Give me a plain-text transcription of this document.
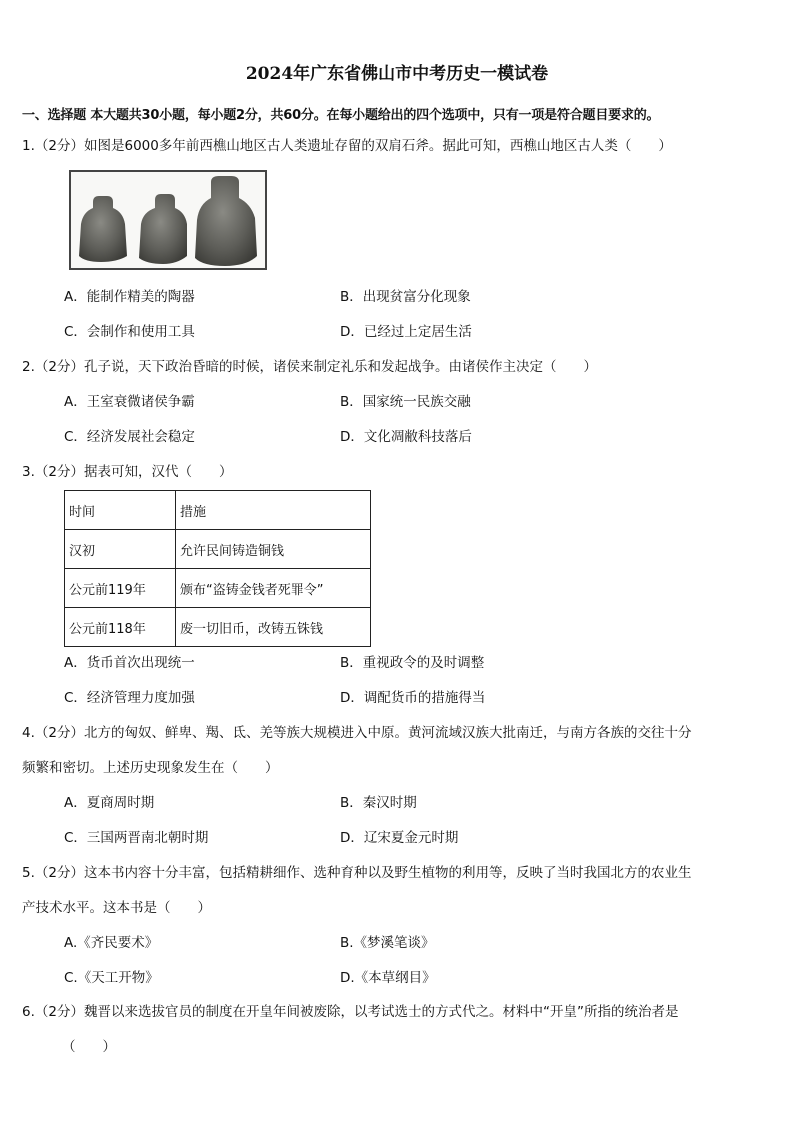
2024年广东省佛山市中考历史一模试卷
一、选择题 本大题共30小题，每小题2分，共60分。在每小题给出的四个选项中，只有一项是符合题目要求的。
1.（2分）如图是6000多年前西樵山地区古人类遗址存留的双肩石斧。据此可知，西樵山地区古人类（　　）
A．能制作精美的陶器	B．出现贫富分化现象
C．会制作和使用工具	D．已经过上定居生活
2.（2分）孔子说，天下政治昏暗的时候，诸侯来制定礼乐和发起战争。由诸侯作主决定（　　）
A．王室衰微诸侯争霸	B．国家统一民族交融
C．经济发展社会稳定	D．文化凋敝科技落后
3.（2分）据表可知，汉代（　　）
时间	措施
汉初	允许民间铸造铜钱
公元前119年	颁布“盗铸金钱者死罪令”
公元前118年	废一切旧币，改铸五铢钱
A．货币首次出现统一	B．重视政令的及时调整
C．经济管理力度加强	D．调配货币的措施得当
4.（2分）北方的匈奴、鲜卑、羯、氐、羌等族大规模进入中原。黄河流域汉族大批南迁，与南方各族的交往十分
频繁和密切。上述历史现象发生在（　　）
A．夏商周时期	B．秦汉时期
C．三国两晋南北朝时期	D．辽宋夏金元时期
5.（2分）这本书内容十分丰富，包括精耕细作、选种育种以及野生植物的利用等，反映了当时我国北方的农业生
产技术水平。这本书是（　　）
A.《齐民要术》	B.《梦溪笔谈》
C.《天工开物》	D.《本草纲目》
6.（2分）魏晋以来选拔官员的制度在开皇年间被废除，以考试选士的方式代之。材料中“开皇”所指的统治者是
（　　）
